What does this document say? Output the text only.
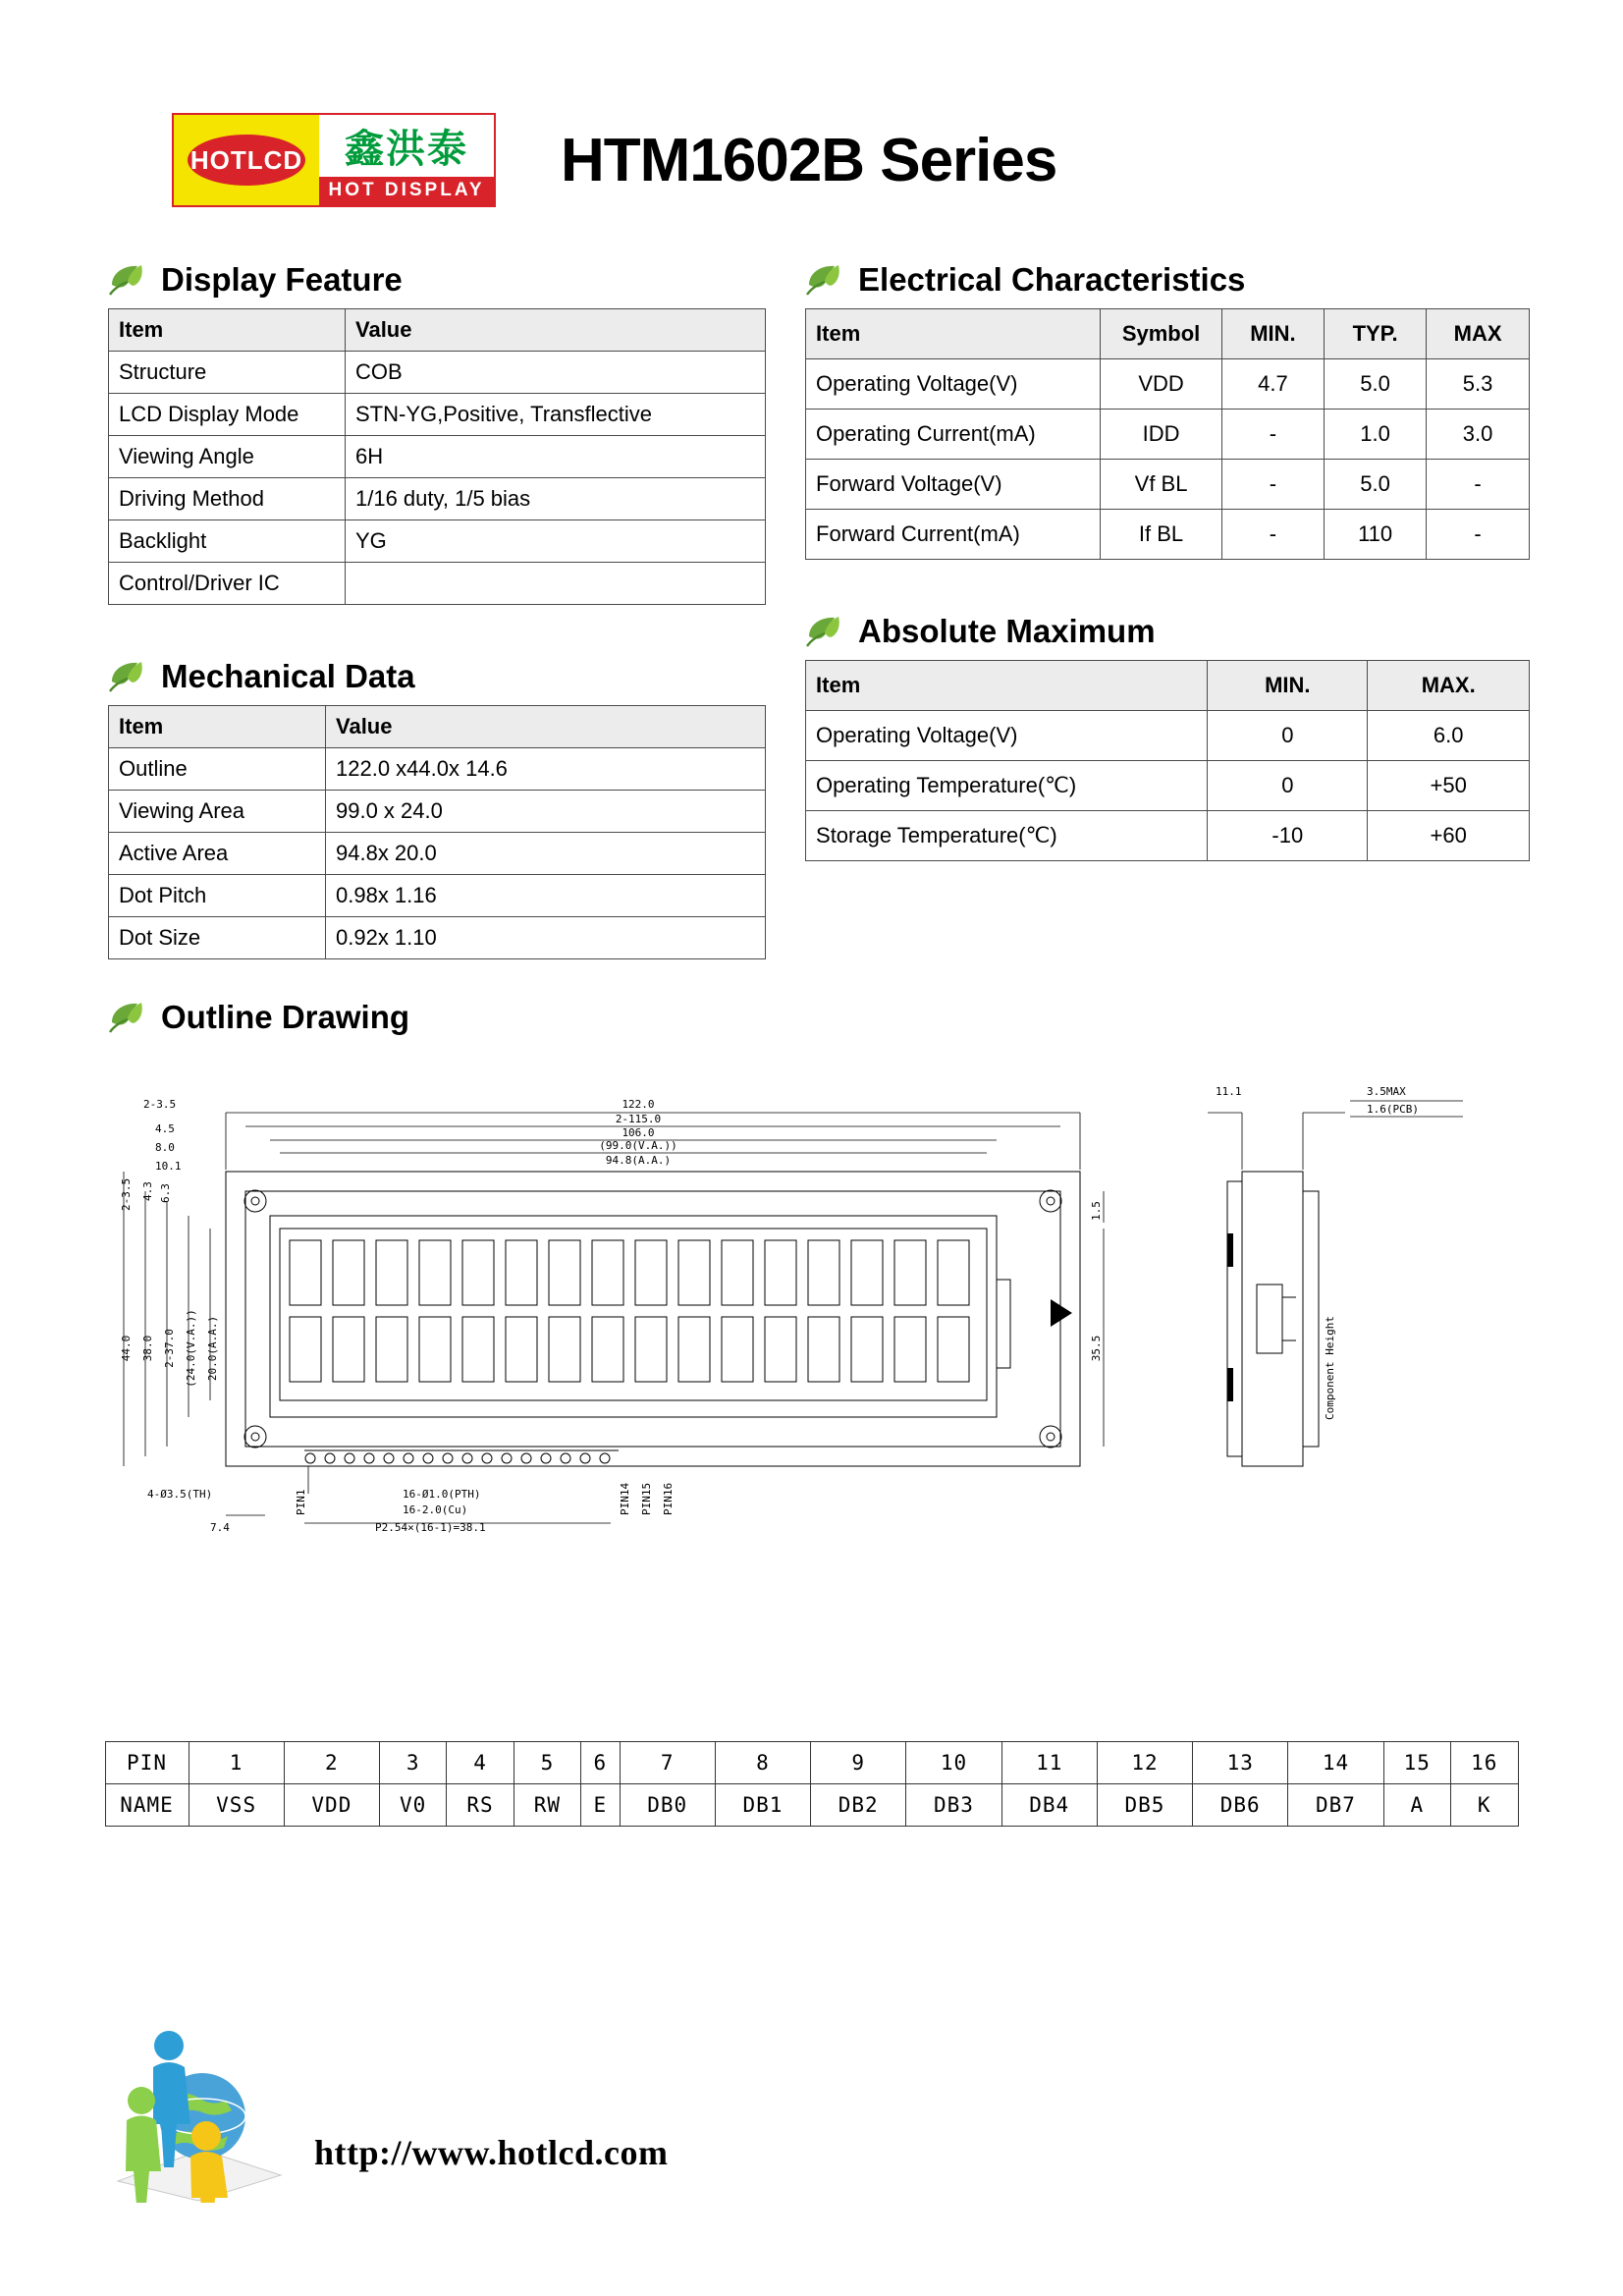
HOTLCD	鑫洪泰
HOT DISPLAY HTM1602B Series
Display Feature
Item	Value
Structure	COB
LCD Display Mode	STN-YG,Positive, Transflective
Viewing Angle	6H
Driving Method	1/16 duty, 1/5 bias
Backlight	YG
Control/Driver IC	
Mechanical Data
Item	Value
Outline	122.0 x44.0x 14.6
Viewing Area	99.0 x 24.0
Active Area	94.8x 20.0
Dot Pitch	0.98x 1.16
Dot Size	0.92x 1.10
Electrical Characteristics
Item	Symbol	MIN.	TYP.	MAX
Operating Voltage(V)	VDD	4.7	5.0	5.3
Operating Current(mA)	IDD	-	1.0	3.0
Forward Voltage(V)	Vf BL	-	5.0	-
Forward Current(mA)	If BL	-	110	-
Absolute Maximum
Item	MIN.	MAX.
Operating Voltage(V)	0	6.0
Operating Temperature(℃)	0	+50
Storage Temperature(℃)	-10	+60
Outline Drawing
122.0
2-115.0
106.0
(99.0(V.A.))
94.8(A.A.)
2-3.5
4.5
8.0
10.1
2-3.5 4.3 6.3
44.0 38.0 2-37.0 (24.0(V.A.)) 20.0(A.A.)
1.5
35.5
4-Ø3.5(TH)	PIN1	16-Ø1.0(PTH)
16-2.0(Cu)
P2.54×(16-1)=38.1
7.4
PIN14 PIN15 PIN16
11.1	3.5MAX
1.6(PCB)
Component Height
PIN	1	2	3	4	5	6	7	8	9	10	11	12	13	14	15	16
NAME	VSS	VDD	V0	RS	RW	E	DB0	DB1	DB2	DB3	DB4	DB5	DB6	DB7	A	K
http://www.hotlcd.com
